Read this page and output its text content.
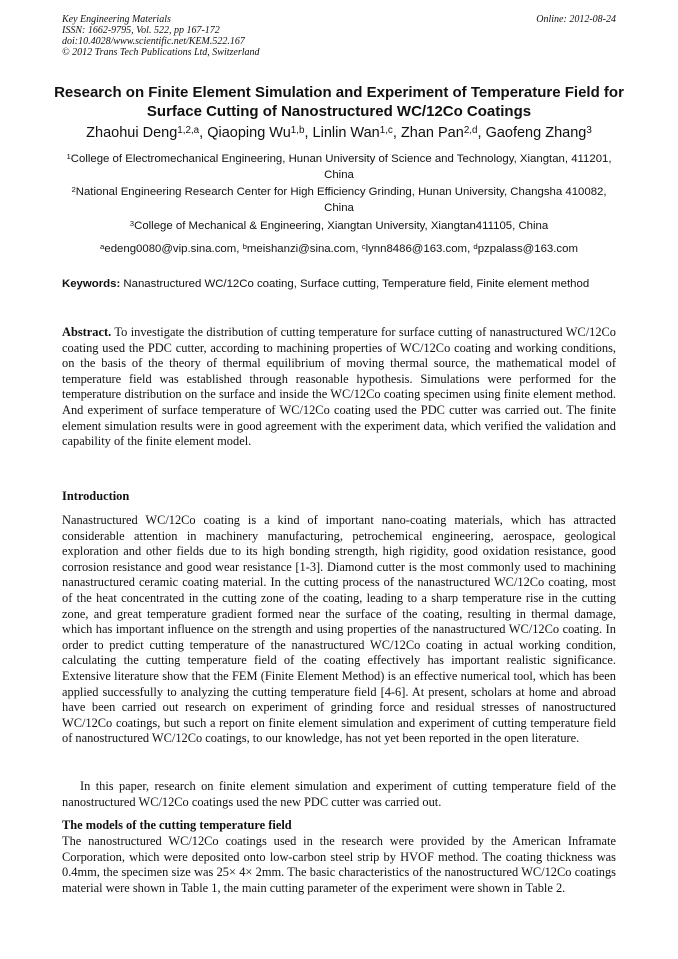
Key Engineering Materials
ISSN: 1662-9795, Vol. 522, pp 167-172
doi:10.4028/www.scientific.net/KEM.522.167
© 2012 Trans Tech Publications Ltd, Switzerland
Online: 2012-08-24
Research on Finite Element Simulation and Experiment of Temperature Field for Surface Cutting of Nanostructured WC/12Co Coatings

Zhaohui Deng$^{1,2,a}$, Qiaoping Wu$^{1,b}$, Linlin Wan$^{1,c}$, Zhan Pan$^{2,d}$, Gaofeng Zhang$^3$

$^1$College of Electromechanical Engineering, Hunan University of Science and Technology, Xiangtan, 411201, China

$^2$National Engineering Research Center for High Efficiency Grinding, Hunan University, Changsha 410082, China

$^3$College of Mechanical & Engineering, Xiangtan University, Xiangtan411105, China

$^a$edeng0080@vip.sina.com, $^b$meishanzi@sina.com, $^c$lynn8486@163.com, $^d$pzpalass@163.com

Keywords: Nanastructured WC/12Co coating, Surface cutting, Temperature field, Finite element method

Abstract. To investigate the distribution of cutting temperature for surface cutting of nanastructured WC/12Co coating used the PDC cutter, according to machining properties of WC/12Co coating and working conditions, on the basis of the theory of thermal equilibrium of moving thermal source, the mathematical model of temperature field was established through reasonable hypothesis. Simulations were performed for the temperature distribution on the surface and inside the WC/12Co coating specimen using finite element method. And experiment of surface temperature of WC/12Co coating used the PDC cutter was carried out. The finite element simulation results were in good agreement with the experiment data, which verified the validation and capability of the finite element model.

Introduction

Nanastructured WC/12Co coating is a kind of important nano-coating materials, which has attracted considerable attention in machinery manufacturing, petrochemical engineering, aerospace, geological exploration and other fields due to its high bonding strength, high rigidity, good oxidation resistance, good corrosion resistance and good wear resistance [1-3]. Diamond cutter is the most commonly used to machining nanastructured ceramic coating material. In the cutting process of the nanastructured WC/12Co coating, most of the heat concentrated in the cutting zone of the coating, leading to a sharp temperature rise in the cutting zone, and great temperature gradient formed near the surface of the coating, resulting in thermal damage, which has important influence on the strength and using properties of the nanastructured WC/12Co coating. In order to predict cutting temperature of the nanastructured WC/12Co coating in actual working condition, calculating the cutting temperature field of the coating effectively has important realistic significance. Extensive literature show that the FEM (Finite Element Method) is an effective numerical tool, which has been applied successfully to analyzing the cutting temperature field [4-6]. At present, scholars at home and abroad have been carried out research on experiment of grinding force and residual stresses of nanostructured WC/12Co coatings, but such a report on finite element simulation and experiment of cutting temperature field of nanostructured WC/12Co coatings, to our knowledge, has not yet been reported in the open literature.

In this paper, research on finite element simulation and experiment of cutting temperature field of the nanostructured WC/12Co coatings used the new PDC cutter was carried out.

The models of the cutting temperature field

The nanostructured WC/12Co coatings used in the research were provided by the American Inframate Corporation, which were deposited onto low-carbon steel strip by HVOF method. The coating thickness was 0.4mm, the specimen size was 25× 4× 2mm. The basic characteristics of the nanostructured WC/12Co coatings material were shown in Table 1, the main cutting parameter of the experiment were shown in Table 2.
